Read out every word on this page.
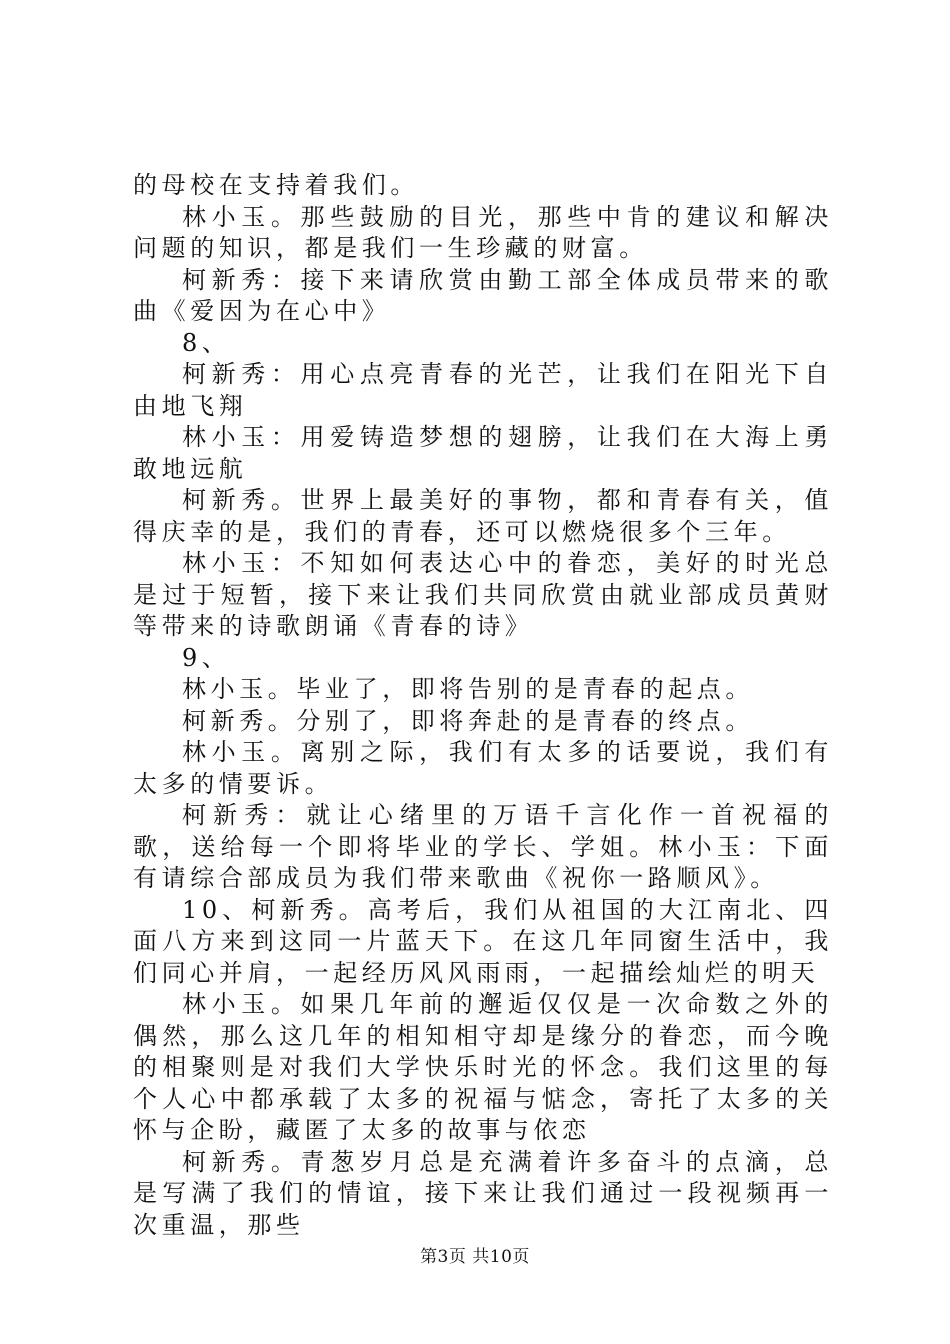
的母校在支持着我们。

林小玉。那些鼓励的目光，那些中肯的建议和解决问题的知识，都是我们一生珍藏的财富。

柯新秀：接下来请欣赏由勤工部全体成员带来的歌曲《爱因为在心中》

8、

柯新秀：用心点亮青春的光芒，让我们在阳光下自由地飞翔

林小玉：用爱铸造梦想的翅膀，让我们在大海上勇敢地远航

柯新秀。世界上最美好的事物，都和青春有关，值得庆幸的是，我们的青春，还可以燃烧很多个三年。

林小玉：不知如何表达心中的眷恋，美好的时光总是过于短暂，接下来让我们共同欣赏由就业部成员黄财等带来的诗歌朗诵《青春的诗》

9、

林小玉。毕业了，即将告别的是青春的起点。

柯新秀。分别了，即将奔赴的是青春的终点。

林小玉。离别之际，我们有太多的话要说，我们有太多的情要诉。

柯新秀：就让心绪里的万语千言化作一首祝福的歌，送给每一个即将毕业的学长、学姐。林小玉：下面有请综合部成员为我们带来歌曲《祝你一路顺风》。

10、柯新秀。高考后，我们从祖国的大江南北、四面八方来到这同一片蓝天下。在这几年同窗生活中，我们同心并肩，一起经历风风雨雨，一起描绘灿烂的明天

林小玉。如果几年前的邂逅仅仅是一次命数之外的偶然，那么这几年的相知相守却是缘分的眷恋，而今晚的相聚则是对我们大学快乐时光的怀念。我们这里的每个人心中都承载了太多的祝福与惦念，寄托了太多的关怀与企盼，藏匿了太多的故事与依恋

柯新秀。青葱岁月总是充满着许多奋斗的点滴，总是写满了我们的情谊，接下来让我们通过一段视频再一次重温，那些

第3页 共10页
